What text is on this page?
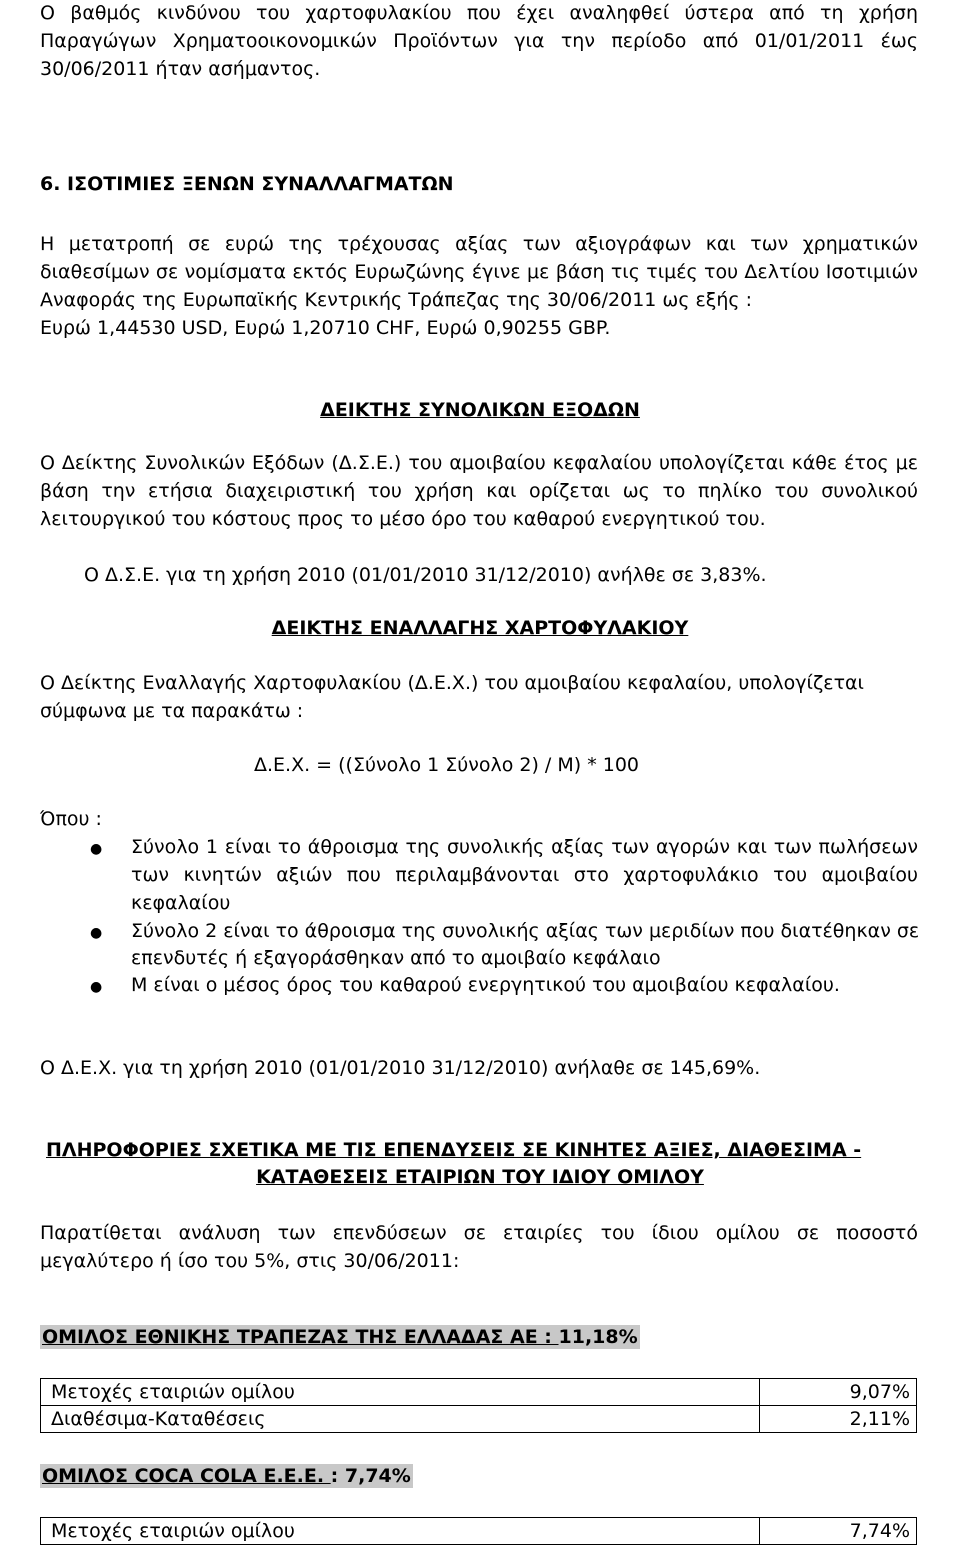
Ο βαθμός κινδύνου του χαρτοφυλακίου που έχει αναληφθεί ύστερα από τη χρήση
Παραγώγων Χρηματοοικονομικών Προϊόντων για την περίοδο από 01/01/2011 έως
30/06/2011 ήταν ασήμαντος.
6. ΙΣΟΤΙΜΙΕΣ ΞΕΝΩΝ ΣΥΝΑΛΛΑΓΜΑΤΩΝ
Η μετατροπή σε ευρώ της τρέχουσας αξίας των αξιογράφων και των χρηματικών
διαθεσίμων σε νομίσματα εκτός Ευρωζώνης έγινε με βάση τις τιμές του Δελτίου Ισοτιμιών
Αναφοράς της Ευρωπαϊκής Κεντρικής Τράπεζας της 30/06/2011 ως εξής :
Ευρώ 1,44530 USD, Ευρώ 1,20710 CHF, Ευρώ 0,90255 GBP.
ΔΕΙΚΤΗΣ ΣΥΝΟΛΙΚΩΝ ΕΞΟΔΩΝ
Ο Δείκτης Συνολικών Εξόδων (Δ.Σ.Ε.) του αμοιβαίου κεφαλαίου υπολογίζεται κάθε έτος με
βάση την ετήσια διαχειριστική του χρήση και ορίζεται ως το πηλίκο του συνολικού
λειτουργικού του κόστους προς το μέσο όρο του καθαρού ενεργητικού του.
Ο Δ.Σ.Ε. για τη χρήση 2010 (01/01/2010 31/12/2010) ανήλθε σε 3,83%.
ΔΕΙΚΤΗΣ ΕΝΑΛΛΑΓΗΣ ΧΑΡΤΟΦΥΛΑΚΙΟΥ
Ο Δείκτης Εναλλαγής Χαρτοφυλακίου (Δ.Ε.Χ.) του αμοιβαίου κεφαλαίου, υπολογίζεται
σύμφωνα με τα παρακάτω :
Δ.Ε.Χ. = ((Σύνολο 1 Σύνολο 2) / Μ) * 100
Όπου :
● Σύνολο 1 είναι το άθροισμα της συνολικής αξίας των αγορών και των πωλήσεων
των κινητών αξιών που περιλαμβάνονται στο χαρτοφυλάκιο του αμοιβαίου
κεφαλαίου
● Σύνολο 2 είναι το άθροισμα της συνολικής αξίας των μεριδίων που διατέθηκαν σε
επενδυτές ή εξαγοράσθηκαν από το αμοιβαίο κεφάλαιο
● Μ είναι ο μέσος όρος του καθαρού ενεργητικού του αμοιβαίου κεφαλαίου.
Ο Δ.Ε.Χ. για τη χρήση 2010 (01/01/2010 31/12/2010) ανήλαθε σε 145,69%.
ΠΛΗΡΟΦΟΡΙΕΣ ΣΧΕΤΙΚΑ ΜΕ ΤΙΣ ΕΠΕΝΔΥΣΕΙΣ ΣΕ ΚΙΝΗΤΕΣ ΑΞΙΕΣ, ΔΙΑΘΕΣΙΜΑ -
ΚΑΤΑΘΕΣΕΙΣ ΕΤΑΙΡΙΩΝ ΤΟΥ ΙΔΙΟΥ ΟΜΙΛΟΥ
Παρατίθεται ανάλυση των επενδύσεων σε εταιρίες του ίδιου ομίλου σε ποσοστό
μεγαλύτερο ή ίσο του 5%, στις 30/06/2011:
ΟΜΙΛΟΣ ΕΘΝΙΚΗΣ ΤΡΑΠΕΖΑΣ ΤΗΣ ΕΛΛΑΔΑΣ ΑΕ : 11,18%
Μετοχές εταιριών ομίλου	9,07%
Διαθέσιμα-Καταθέσεις	2,11%
ΟΜΙΛΟΣ COCA COLA Ε.Ε.Ε. : 7,74%
Μετοχές εταιριών ομίλου	7,74%
